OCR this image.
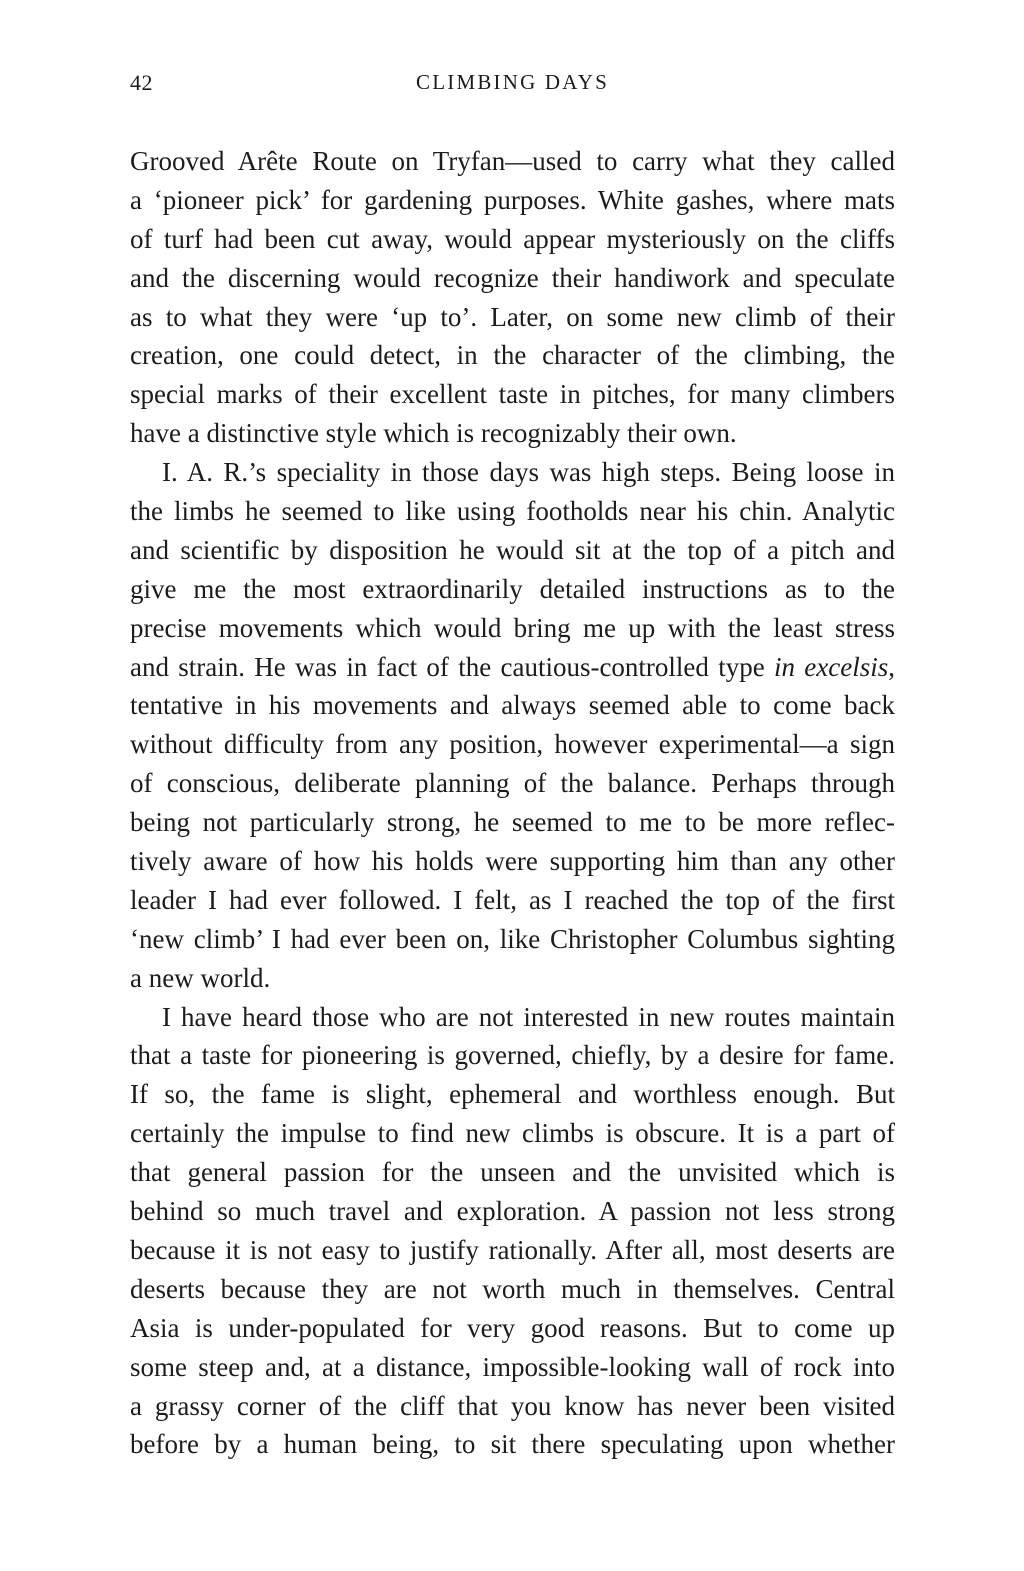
42	CLIMBING DAYS
Grooved Arête Route on Tryfan—used to carry what they called
a ‘pioneer pick’ for gardening purposes. White gashes, where mats
of turf had been cut away, would appear mysteriously on the cliffs
and the discerning would recognize their handiwork and speculate
as to what they were ‘up to’. Later, on some new climb of their
creation, one could detect, in the character of the climbing, the
special marks of their excellent taste in pitches, for many climbers
have a distinctive style which is recognizably their own.
I. A. R.’s speciality in those days was high steps. Being loose in
the limbs he seemed to like using footholds near his chin. Analytic
and scientific by disposition he would sit at the top of a pitch and
give me the most extraordinarily detailed instructions as to the
precise movements which would bring me up with the least stress
and strain. He was in fact of the cautious-controlled type in excelsis,
tentative in his movements and always seemed able to come back
without difficulty from any position, however experimental—a sign
of conscious, deliberate planning of the balance. Perhaps through
being not particularly strong, he seemed to me to be more reflec-
tively aware of how his holds were supporting him than any other
leader I had ever followed. I felt, as I reached the top of the first
‘new climb’ I had ever been on, like Christopher Columbus sighting
a new world.
I have heard those who are not interested in new routes maintain
that a taste for pioneering is governed, chiefly, by a desire for fame.
If so, the fame is slight, ephemeral and worthless enough. But
certainly the impulse to find new climbs is obscure. It is a part of
that general passion for the unseen and the unvisited which is
behind so much travel and exploration. A passion not less strong
because it is not easy to justify rationally. After all, most deserts are
deserts because they are not worth much in themselves. Central
Asia is under-populated for very good reasons. But to come up
some steep and, at a distance, impossible-looking wall of rock into
a grassy corner of the cliff that you know has never been visited
before by a human being, to sit there speculating upon whether
